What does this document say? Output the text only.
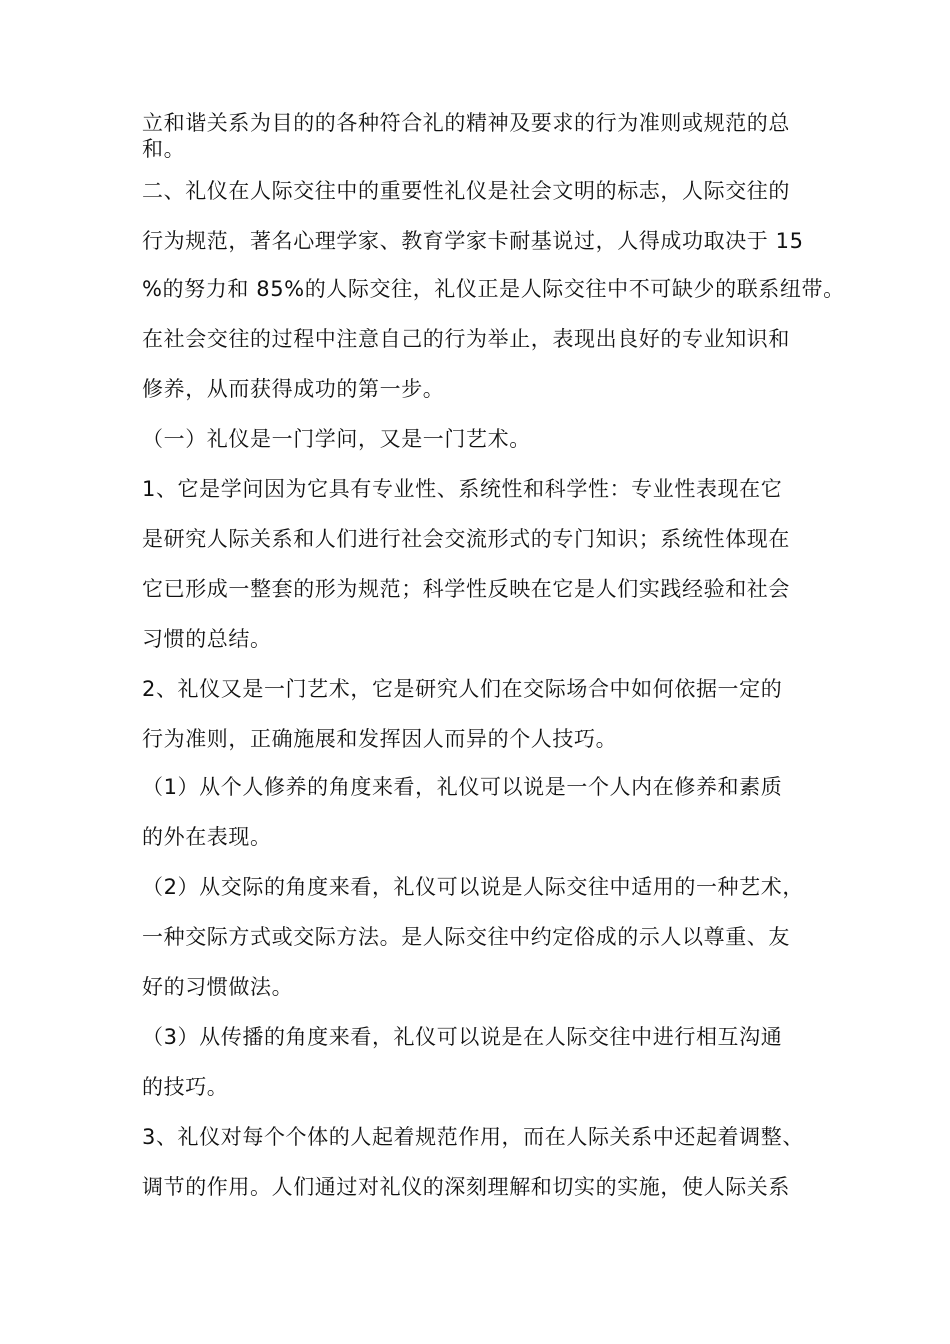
立和谐关系为目的的各种符合礼的精神及要求的行为准则或规范的总
和。
二、礼仪在人际交往中的重要性礼仪是社会文明的标志，人际交往的
行为规范，著名心理学家、教育学家卡耐基说过，人得成功取决于 15
%的努力和 85%的人际交往，礼仪正是人际交往中不可缺少的联系纽带。
在社会交往的过程中注意自己的行为举止，表现出良好的专业知识和
修养，从而获得成功的第一步。
（一）礼仪是一门学问，又是一门艺术。
1、它是学问因为它具有专业性、系统性和科学性：专业性表现在它
是研究人际关系和人们进行社会交流形式的专门知识；系统性体现在
它已形成一整套的形为规范；科学性反映在它是人们实践经验和社会
习惯的总结。
2、礼仪又是一门艺术，它是研究人们在交际场合中如何依据一定的
行为准则，正确施展和发挥因人而异的个人技巧。
（1）从个人修养的角度来看，礼仪可以说是一个人内在修养和素质
的外在表现。
（2）从交际的角度来看，礼仪可以说是人际交往中适用的一种艺术，
一种交际方式或交际方法。是人际交往中约定俗成的示人以尊重、友
好的习惯做法。
（3）从传播的角度来看，礼仪可以说是在人际交往中进行相互沟通
的技巧。
3、礼仪对每个个体的人起着规范作用，而在人际关系中还起着调整、
调节的作用。人们通过对礼仪的深刻理解和切实的实施，使人际关系
